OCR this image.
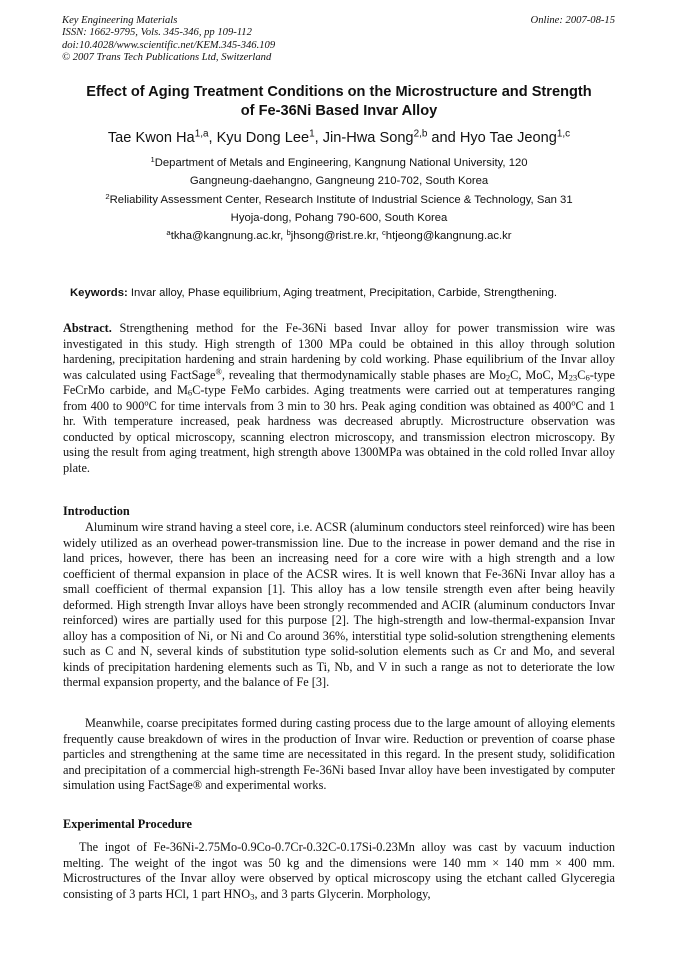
Key Engineering Materials
ISSN: 1662-9795, Vols. 345-346, pp 109-112
doi:10.4028/www.scientific.net/KEM.345-346.109
© 2007 Trans Tech Publications Ltd, Switzerland
Online: 2007-08-15
Effect of Aging Treatment Conditions on the Microstructure and Strength
of Fe-36Ni Based Invar Alloy
Tae Kwon Ha$^{1,a}$, Kyu Dong Lee$^1$, Jin-Hwa Song$^{2,b}$ and Hyo Tae Jeong$^{1,c}$
$^1$Department of Metals and Engineering, Kangnung National University, 120
Gangneung-daehangno, Gangneung 210-702, South Korea
$^2$Reliability Assessment Center, Research Institute of Industrial Science & Technology, San 31
Hyoja-dong, Pohang 790-600, South Korea
$^a$tkha@kangnung.ac.kr, $^b$jhsong@rist.re.kr, $^c$htjeong@kangnung.ac.kr
Keywords: Invar alloy, Phase equilibrium, Aging treatment, Precipitation, Carbide, Strengthening.
Abstract. Strengthening method for the Fe-36Ni based Invar alloy for power transmission wire was investigated in this study. High strength of 1300 MPa could be obtained in this alloy through solution hardening, precipitation hardening and strain hardening by cold working. Phase equilibrium of the Invar alloy was calculated using FactSage®, revealing that thermodynamically stable phases are $Mo_2C$, MoC, $M_{23}C_6$-type FeCrMo carbide, and $M_6C$-type FeMo carbides. Aging treatments were carried out at temperatures ranging from 400 to 900$^o$C for time intervals from 3 min to 30 hrs. Peak aging condition was obtained as 400$^o$C and 1 hr. With temperature increased, peak hardness was decreased abruptly. Microstructure observation was conducted by optical microscopy, scanning electron microscopy, and transmission electron microscopy. By using the result from aging treatment, high strength above 1300MPa was obtained in the cold rolled Invar alloy plate.
Introduction
Aluminum wire strand having a steel core, i.e. ACSR (aluminum conductors steel reinforced) wire has been widely utilized as an overhead power-transmission line. Due to the increase in power demand and the rise in land prices, however, there has been an increasing need for a core wire with a high strength and a low coefficient of thermal expansion in place of the ACSR wires. It is well known that Fe-36Ni Invar alloy has a small coefficient of thermal expansion [1]. This alloy has a low tensile strength even after being heavily deformed. High strength Invar alloys have been strongly recommended and ACIR (aluminum conductors Invar reinforced) wires are partially used for this purpose [2]. The high-strength and low-thermal-expansion Invar alloy has a composition of Ni, or Ni and Co around 36%, interstitial type solid-solution strengthening elements such as C and N, several kinds of substitution type solid-solution elements such as Cr and Mo, and several kinds of precipitation hardening elements such as Ti, Nb, and V in such a range as not to deteriorate the low thermal expansion property, and the balance of Fe [3].
Meanwhile, coarse precipitates formed during casting process due to the large amount of alloying elements frequently cause breakdown of wires in the production of Invar wire. Reduction or prevention of coarse phase particles and strengthening at the same time are necessitated in this regard. In the present study, solidification and precipitation of a commercial high-strength Fe-36Ni based Invar alloy have been investigated by computer simulation using FactSage® and experimental works.
Experimental Procedure
The ingot of Fe-36Ni-2.75Mo-0.9Co-0.7Cr-0.32C-0.17Si-0.23Mn alloy was cast by vacuum induction melting. The weight of the ingot was 50 kg and the dimensions were 140 mm × 140 mm × 400 mm. Microstructures of the Invar alloy were observed by optical microscopy using the etchant called Glyceregia consisting of 3 parts HCl, 1 part $HNO_3$, and 3 parts Glycerin. Morphology,
